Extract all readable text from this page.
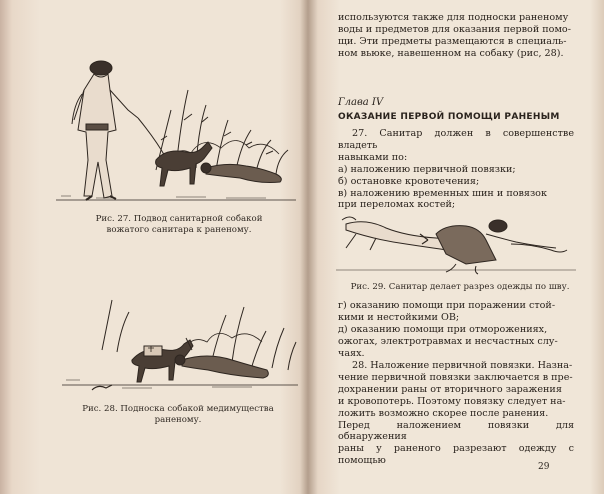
Рис. 27. Подвод санитарной собакой вожатого санитара к раненому.
Рис. 28. Подноска собакой медимущества раненому.

используются также для подноски раненому

воды и предметов для оказания первой помо-

щи. Эти предметы размещаются в специаль-

ном вьюке, навешенном на собаку (рис, 28).

Глава IV

ОКАЗАНИЕ ПЕРВОЙ ПОМОЩИ РАНЕНЫМ

27. Санитар должен в совершенстве владеть

навыками по:

а) наложению первичной повязки;

б) остановке кровотечения;

в) наложению временных шин и повязок

при переломах костей;

Рис. 29. Санитар делает разрез одежды по шву.

г) оказанию помощи при поражении стой-

кими и нестойкими ОВ;

д) оказанию помощи при отморожениях,

ожогах, электротравмах и несчастных слу-

чаях.

28. Наложение первичной повязки. Назна-

чение первичной повязки заключается в пре-

дохранении раны от вторичного заражения

и кровопотерь. Поэтому повязку следует на-

ложить возможно скорее после ранения.

Перед наложением повязки для обнаружения

раны у раненого разрезают одежду с помощью

29
